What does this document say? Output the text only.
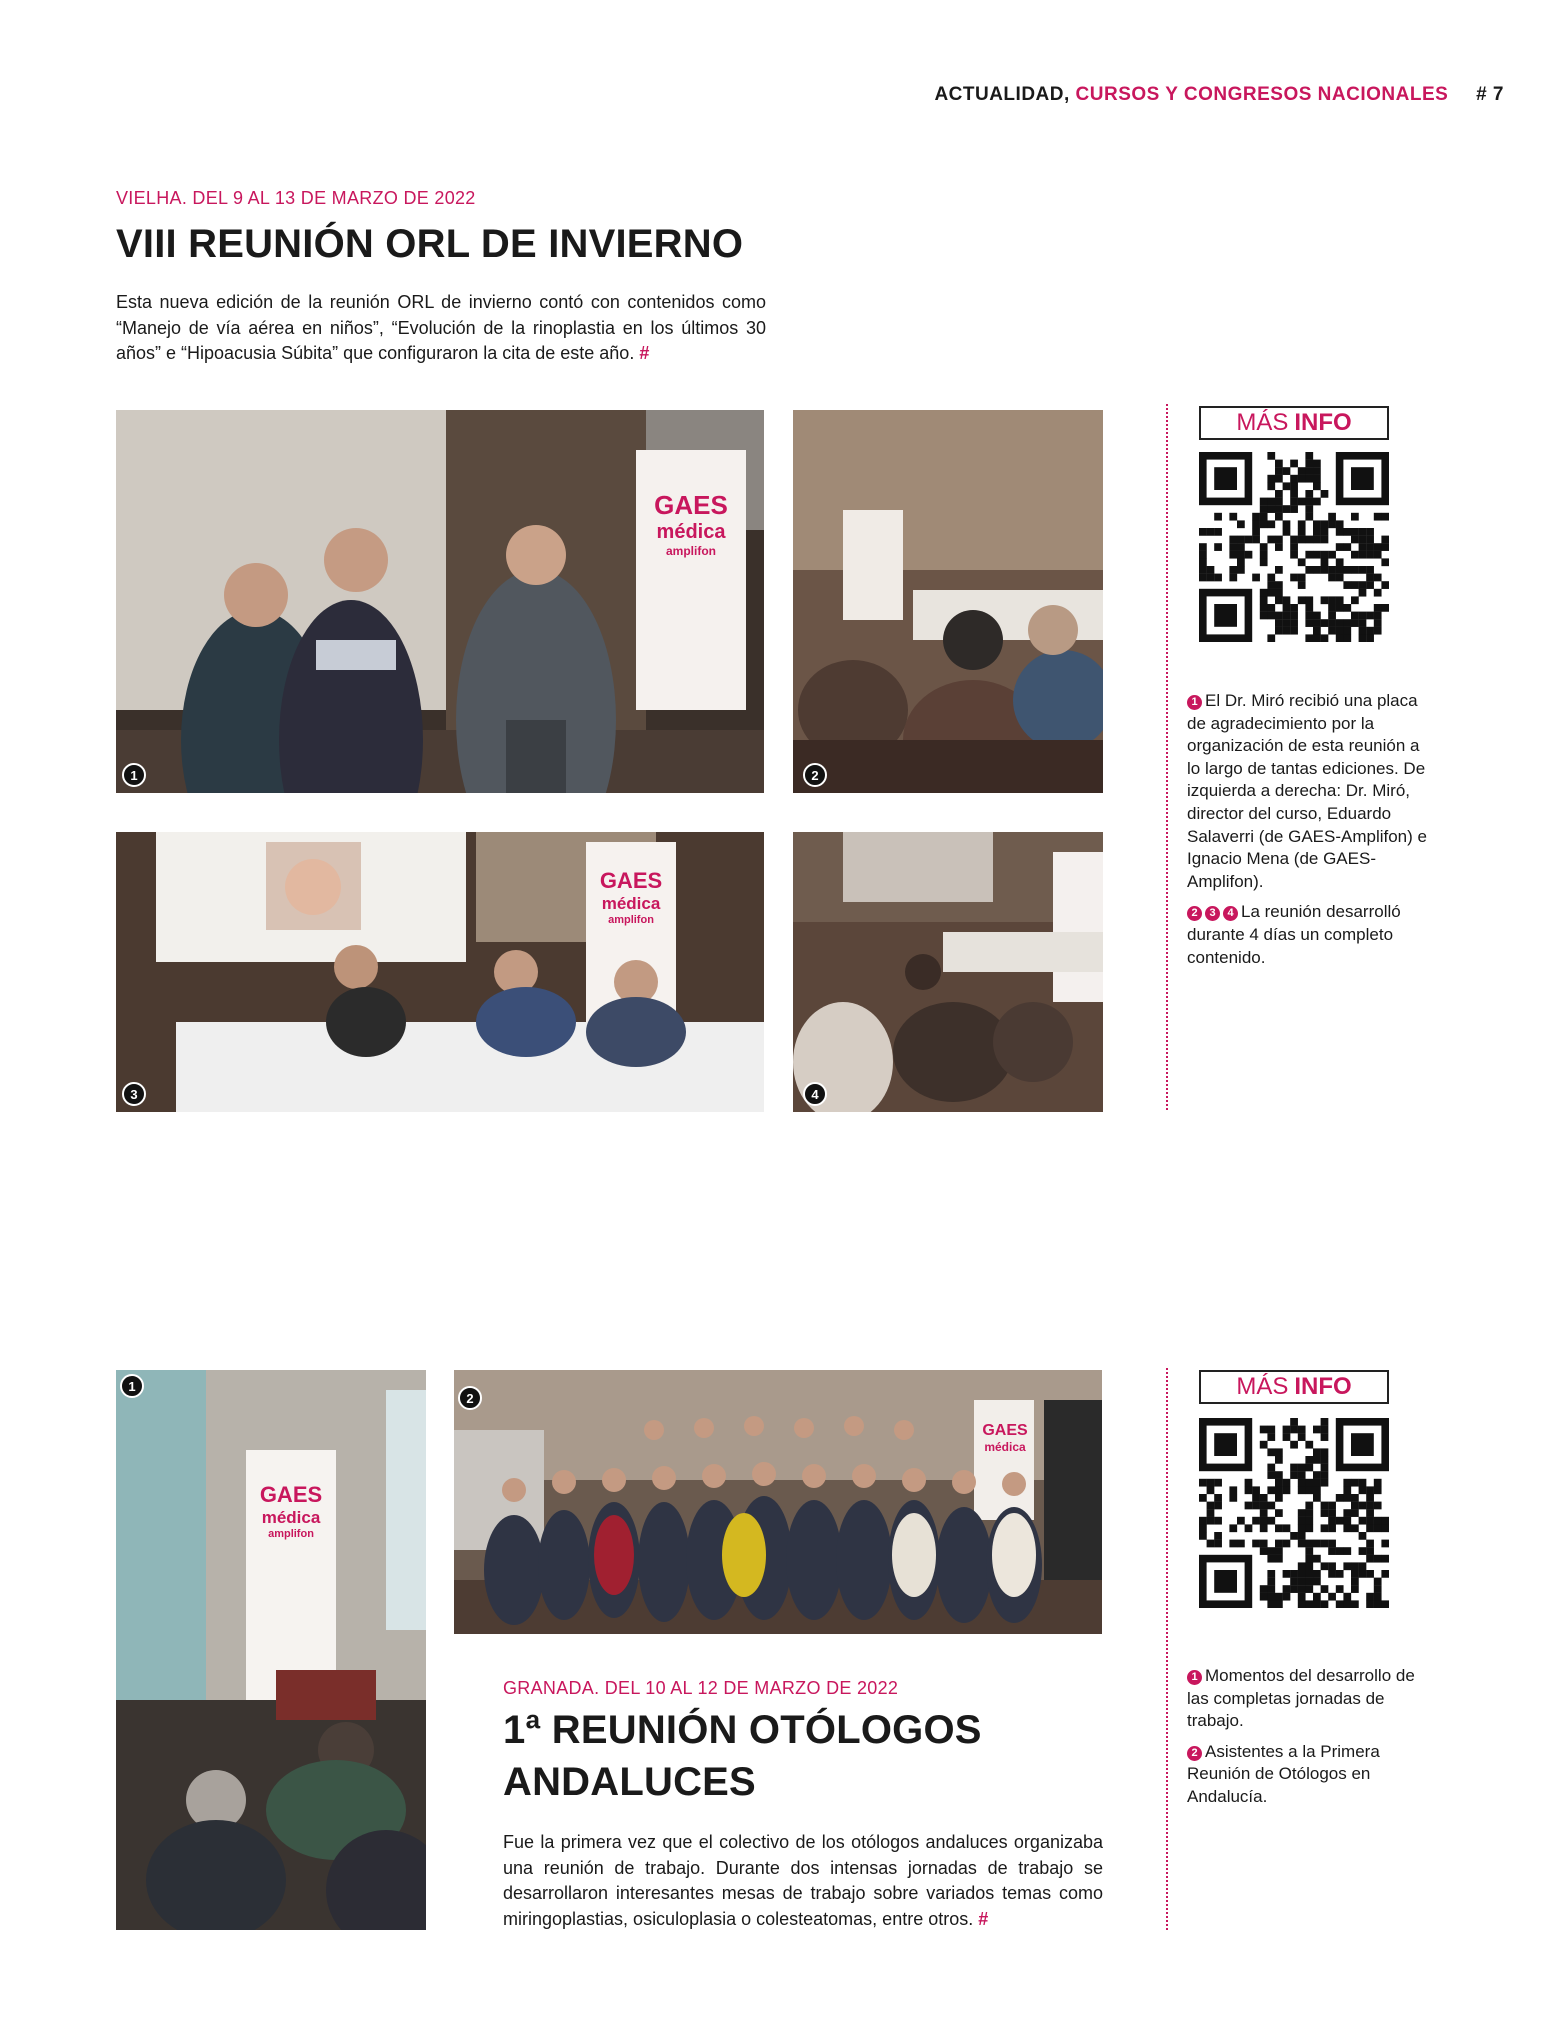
ACTUALIDAD, CURSOS Y CONGRESOS NACIONALES # 7
VIELHA. DEL 9 AL 13 DE MARZO DE 2022
VIII REUNIÓN ORL DE INVIERNO
Esta nueva edición de la reunión ORL de invierno contó con contenidos como “Manejo de vía aérea en niños”, “Evolución de la rinoplastia en los últimos 30 años” e “Hipoacusia Súbita” que configuraron la cita de este año. #
GAES
médica
amplifon
1	2
GAES
médica
amplifon
3	4
MÁS INFO

1 El Dr. Miró recibió una placa de agradecimiento por la organización de esta reunión a lo largo de tantas ediciones. De izquierda a derecha: Dr. Miró, director del curso, Eduardo Salaverri (de GAES-Amplifon) e Ignacio Mena (de GAES-Amplifon).

2 3 4 La reunión desarrolló durante 4 días un completo contenido.

GAES
médica
amplifon
1
GAES
médica
2
GRANADA. DEL 10 AL 12 DE MARZO DE 2022
1ª REUNIÓN OTÓLOGOS ANDALUCES
Fue la primera vez que el colectivo de los otólogos andaluces organizaba una reunión de trabajo. Durante dos intensas jornadas de trabajo se desarrollaron interesantes mesas de trabajo sobre variados temas como miringoplastias, osiculoplasia o colesteatomas, entre otros. #
MÁS INFO

1 Momentos del desarrollo de las completas jornadas de trabajo.

2 Asistentes a la Primera Reunión de Otólogos en Andalucía.
